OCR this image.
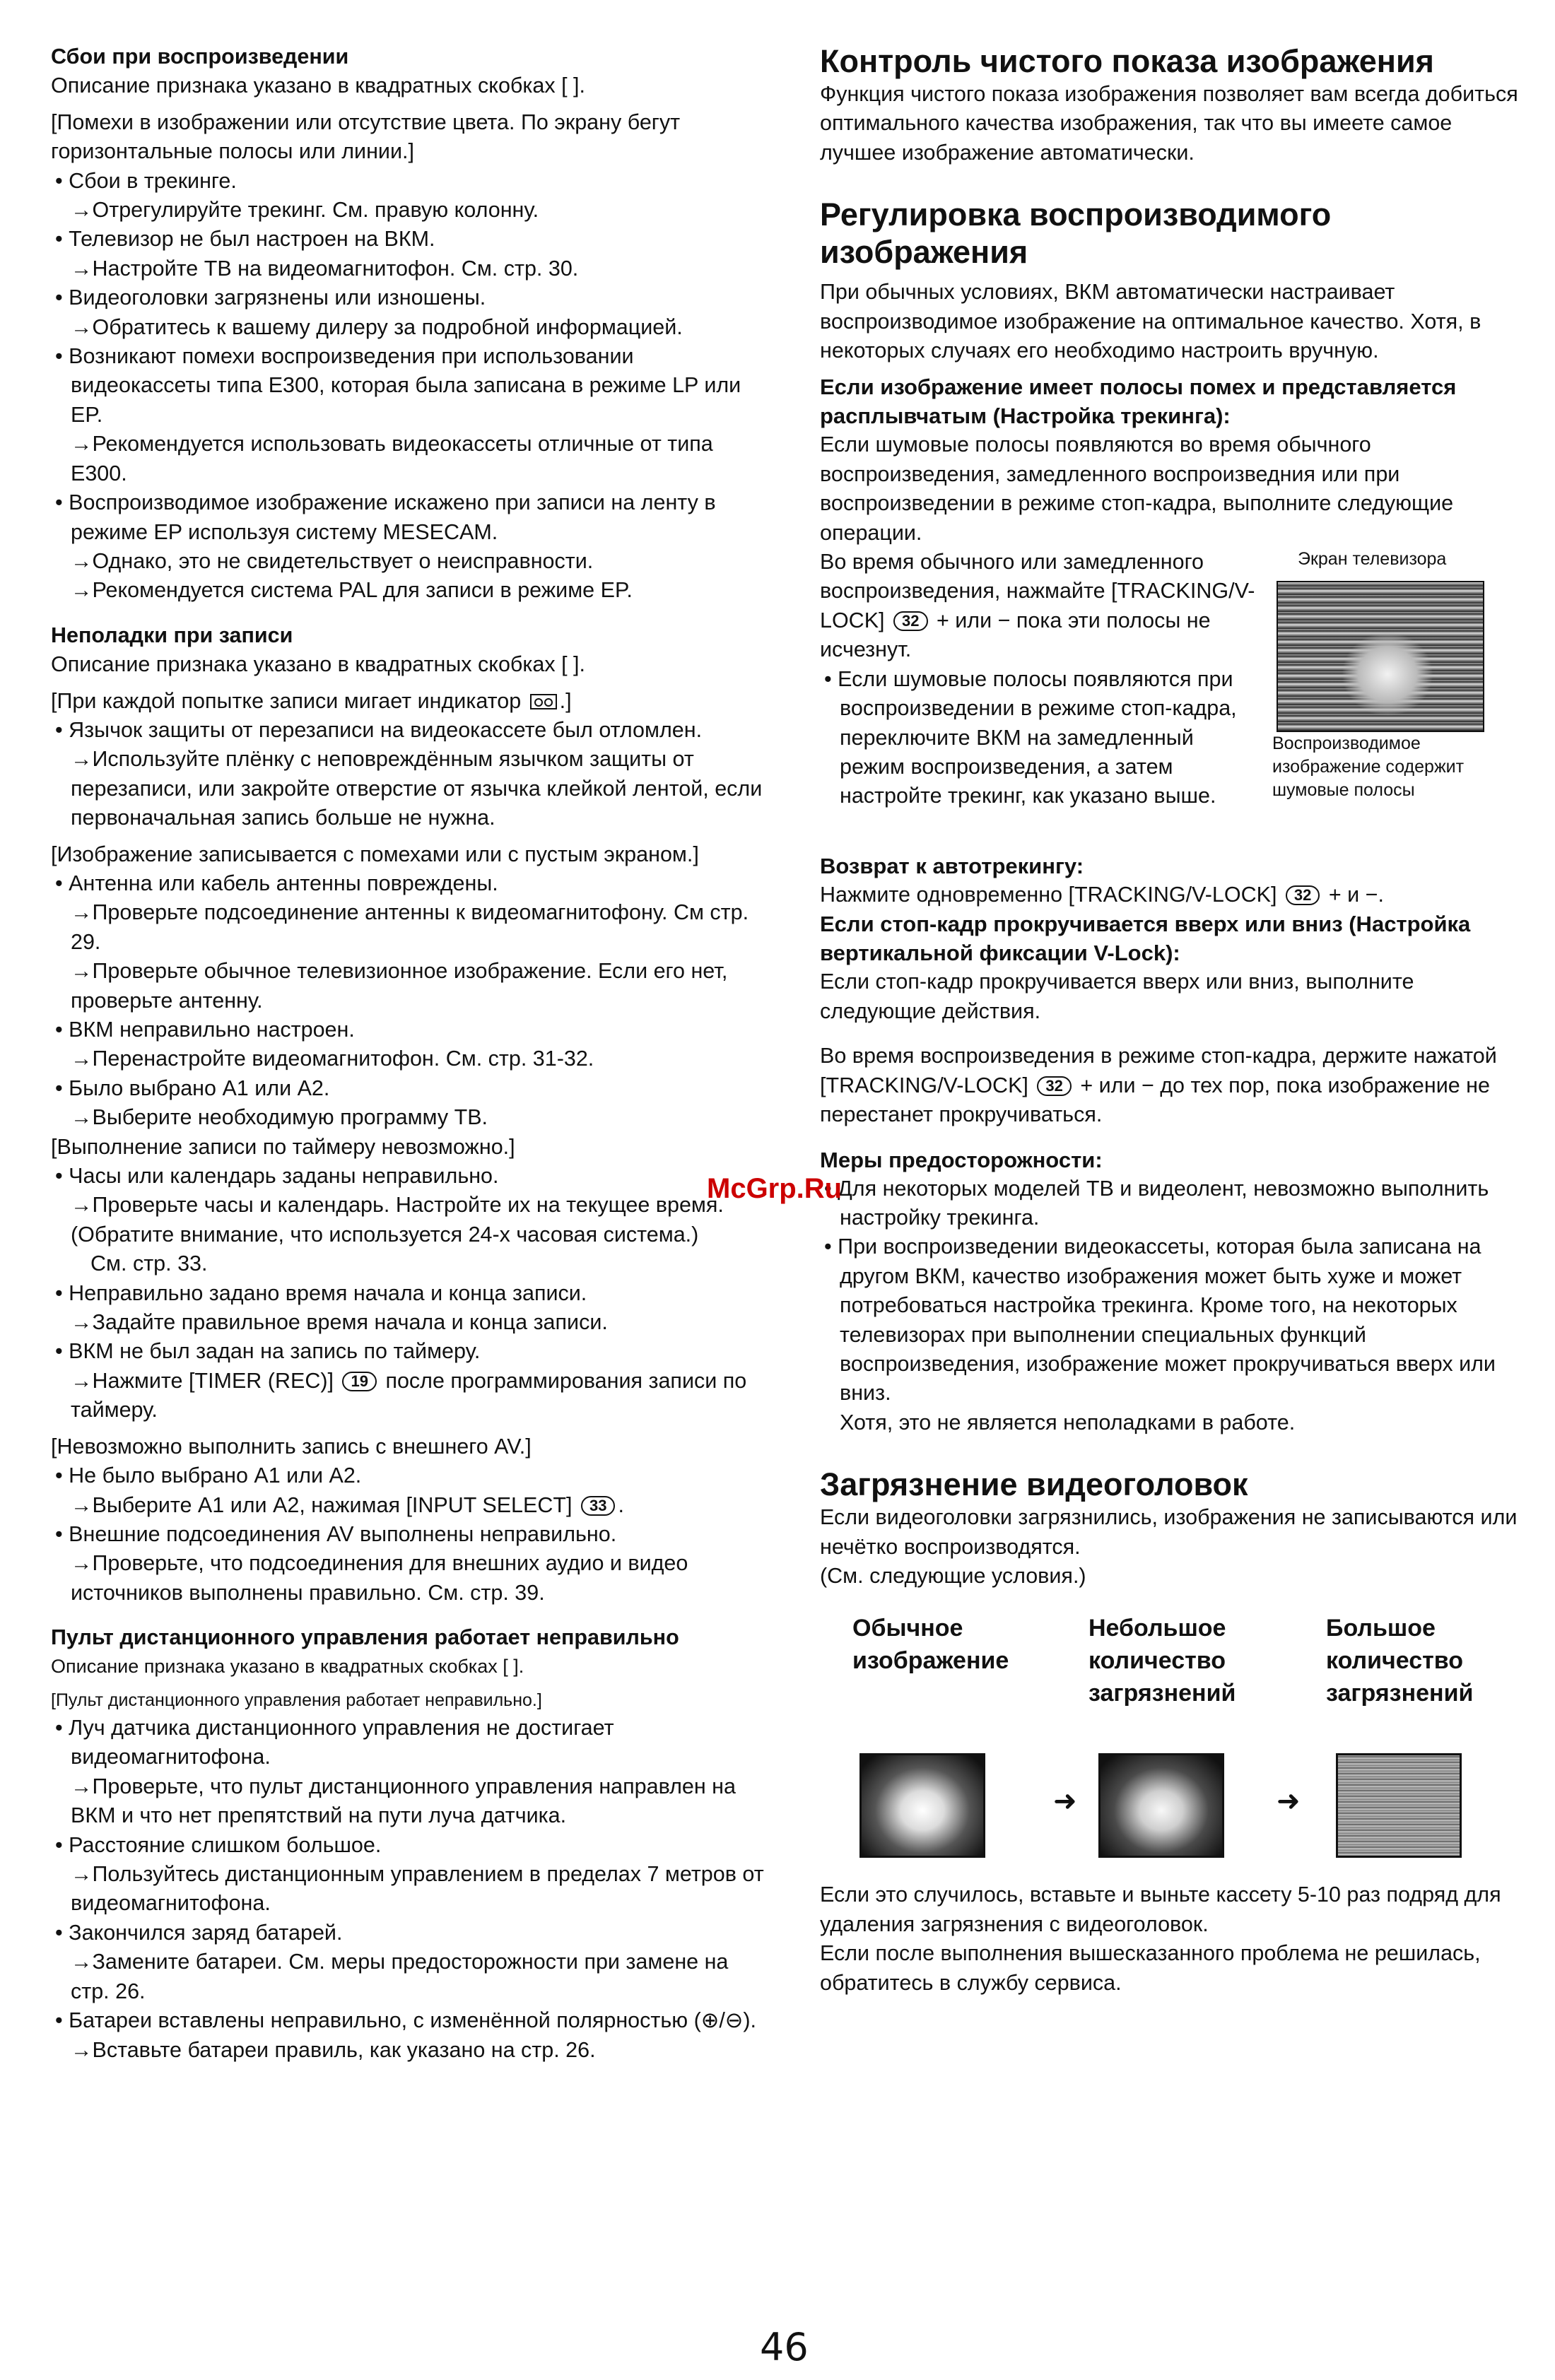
Сбои при воспроизведении

Описание признака указано в квадратных скобках [ ].

[Помехи в изображении или отсутствие цвета. По экрану бегут горизонтальные полосы или линии.]

• Сбои в трекинге.

→Отрегулируйте трекинг. См. правую колонну.

• Телевизор не был настроен на ВКМ.

→Настройте ТВ на видеомагнитофон. См. стр. 30.

• Видеоголовки загрязнены или изношены.

→Обратитесь к вашему дилеру за подробной информацией.

• Возникают помехи воспроизведения при использовании видеокассеты типа E300, которая была записана в режиме LP или EP.

→Рекомендуется использовать видеокассеты отличные от типа E300.

• Воспроизводимое изображение искажено при записи на ленту в режиме EP используя систему MESECAM.

→Однако, это не свидетельствует о неисправности.

→Рекомендуется система PAL для записи в режиме EP.

Неполадки при записи

Описание признака указано в квадратных скобках [ ].

[При каждой попытке записи мигает индикатор .]

• Язычок защиты от перезаписи на видеокассете был отломлен.

→Используйте плёнку с неповреждённым язычком защиты от перезаписи, или закройте отверстие от язычка клейкой лентой, если первоначальная запись больше не нужна.

[Изображение записывается с помехами или с пустым экраном.]

• Антенна или кабель антенны повреждены.

→Проверьте подсоединение антенны к видеомагнитофону. См стр. 29.

→Проверьте обычное телевизионное изображение. Если его нет, проверьте антенну.

• ВКМ неправильно настроен.

→Перенастройте видеомагнитофон. См. стр. 31-32.

• Было выбрано A1 или A2.

→Выберите необходимую программу ТВ.

[Выполнение записи по таймеру невозможно.]

• Часы или календарь заданы неправильно.

→Проверьте часы и календарь. Настройте их на текущее время. (Обратите внимание, что используется 24-х часовая система.)

См. стр. 33.

• Неправильно задано время начала и конца записи.

→Задайте правильное время начала и конца записи.

• ВКМ не был задан на запись по таймеру.

→Нажмите [TIMER (REC)] 19 после программирования записи по таймеру.

[Невозможно выполнить запись с внешнего AV.]

• Не было выбрано A1 или A2.

→Выберите A1 или A2, нажимая [INPUT SELECT] 33 .

• Внешние подсоединения AV выполнены неправильно.

→Проверьте, что подсоединения для внешних аудио и видео источников выполнены правильно. См. стр. 39.

Пульт дистанционного управления работает неправильно

Описание признака указано в квадратных скобках [ ].

[Пульт дистанционного управления работает неправильно.]

• Луч датчика дистанционного управления не достигает видеомагнитофона.

→Проверьте, что пульт дистанционного управления направлен на ВКМ и что нет препятствий на пути луча датчика.

• Расстояние слишком большое.

→Пользуйтесь дистанционным управлением в пределах 7 метров от видеомагнитофона.

• Закончился заряд батарей.

→Замените батареи. См. меры предосторожности при замене на стр. 26.

• Батареи вставлены неправильно, с изменённой полярностью (⊕/⊖).

→Вставьте батареи правиль, как указано на стр. 26.

Контроль чистого показа изображения

Функция чистого показа изображения позволяет вам всегда добиться оптимального качества изображения, так что вы имеете самое лучшее изображение автоматически.

Регулировка воспроизводимого изображения

При обычных условиях, ВКМ автоматически настраивает воспроизводимое изображение на оптимальное качество. Хотя, в некоторых случаях его необходимо настроить вручную.

Если изображение имеет полосы помех и представляется расплывчатым (Настройка трекинга):

Если шумовые полосы появляются во время обычного воспроизведения, замедленного воспроизведния или при воспроизведении в режиме стоп-кадра, выполните следующие операции.

Во время обычного или замедленного воспроизведения, нажмайте [TRACKING/V-LOCK] 32 + или − пока эти полосы не исчезнут.

• Если шумовые полосы появляются при воспроизведении в режиме стоп-кадра, переключите ВКМ на замедленный режим воспроизведения, а затем настройте трекинг, как указано выше.

Экран телевизора

Воспроизводимое изображение содержит шумовые полосы

Возврат к автотрекингу:

Нажмите одновременно [TRACKING/V-LOCK] 32 + и −.

Если стоп-кадр прокручивается вверх или вниз (Настройка вертикальной фиксации V-Lock):

Если стоп-кадр прокручивается вверх или вниз, выполните следующие действия.

Во время воспроизведения в режиме стоп-кадра, держите нажатой [TRACKING/V-LOCK] 32 + или − до тех пор, пока изображение не перестанет прокручиваться.

Меры предосторожности:

• Для некоторых моделей ТВ и видеолент, невозможно выполнить настройку трекинга.

• При воспроизведении видеокассеты, которая была записана на другом ВКМ, качество изображения может быть хуже и может потребоваться настройка трекинга. Кроме того, на некоторых телевизорах при выполнении специальных функций воспроизведения, изображение может прокручиваться вверх или вниз.

Хотя, это не является неполадками в работе.

Загрязнение видеоголовок

Если видеоголовки загрязнились, изображения не записываются или нечётко воспроизводятся.

(См. следующие условия.)

Обычное изображение
Небольшое количество загрязнений
Большое количество загрязнений
➜	➜

Если это случилось, вставьте и выньте кассету 5-10 раз подряд для удаления загрязнения с видеоголовок.

Если после выполнения вышесказанного проблема не решилась, обратитесь в службу сервиса.

McGrp.Ru
46
